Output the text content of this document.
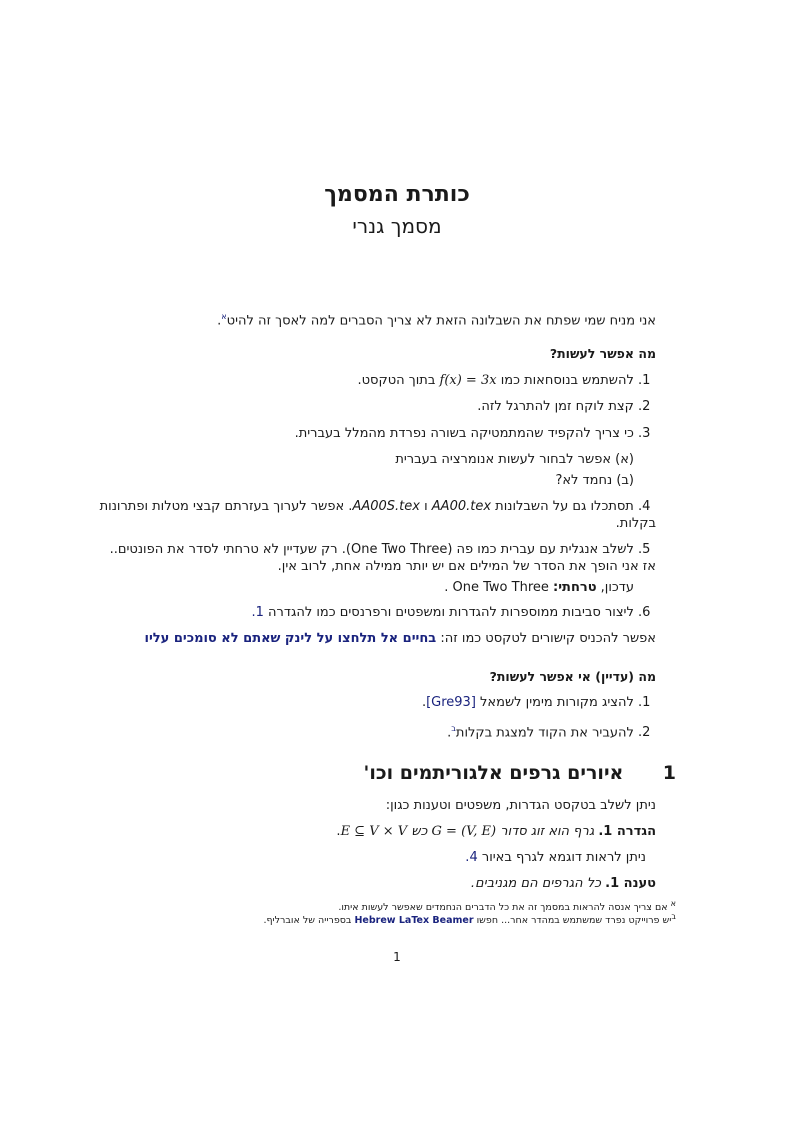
כותרת המסמך
מסמך גנרי
אני מניח שמי שפתח את השבלונה הזאת לא צריך הסברים למה לאסך זה להיט$^א$.
מה אפשר לעשות?
1. להשתמש בנוסחאות כמו f(x) = 3x בתוך הטקסט.
2. קצת לוקח זמן להתרגל לזה.
3. כי צריך להקפיד שהמתמטיקה בשורה נפרדת מהמלל בעברית.
(א) אפשר לבחור לעשות אנומרציה בעברית
(ב) נחמד לא?
4. תסתכלו גם על השבלונות AA00.tex ו AA00S.tex. אפשר לערוך בעזרתם קבצי מטלות ופתרונות בקלות.
5. לשלב אנגלית עם עברית כמו פה (One Two Three). רק שעדיין לא טרחתי לסדר את הפונטים.. אז אני הופך את הסדר של המילים אם יש יותר ממילה אחת, לרוב אין.
עדכון, טרחתי: One Two Three .
6. ליצור סביבות ממוספרות להגדרות ומשפטים ורפרנסים כמו להגדרה 1.
אפשר להכניס קישורים לטקסט כמו זה: בחיים אל תלחצו על לינק שאתם לא סומכים עליו
מה (עדיין) אי אפשר לעשות?
1. להציג מקורות מימין לשמאל [Gre93].
2. להעביר את הקוד למצגת בקלות$^ב$.
1 איורים גרפים אלגוריתמים וכו'
ניתן לשלב בטקסט הגדרות, משפטים וטענות כגון:
הגדרה 1. גרף הוא זוג סדור G = (V, E) כש E ⊆ V × V.
ניתן לראות דוגמא לגרף באיור 4.
טענה 1. כל הגרפים הם מגניבים.
$^א$ אם צריך אנסה להראות במסמך זה את כל הדברים הנחמדים שאפשר לעשות איתו.
$^ב$יש פרוייקט נפרד שמשתמש במהדר אחר... חפשו Hebrew LaTex Beamer בספרייה של אוברליף.
1
